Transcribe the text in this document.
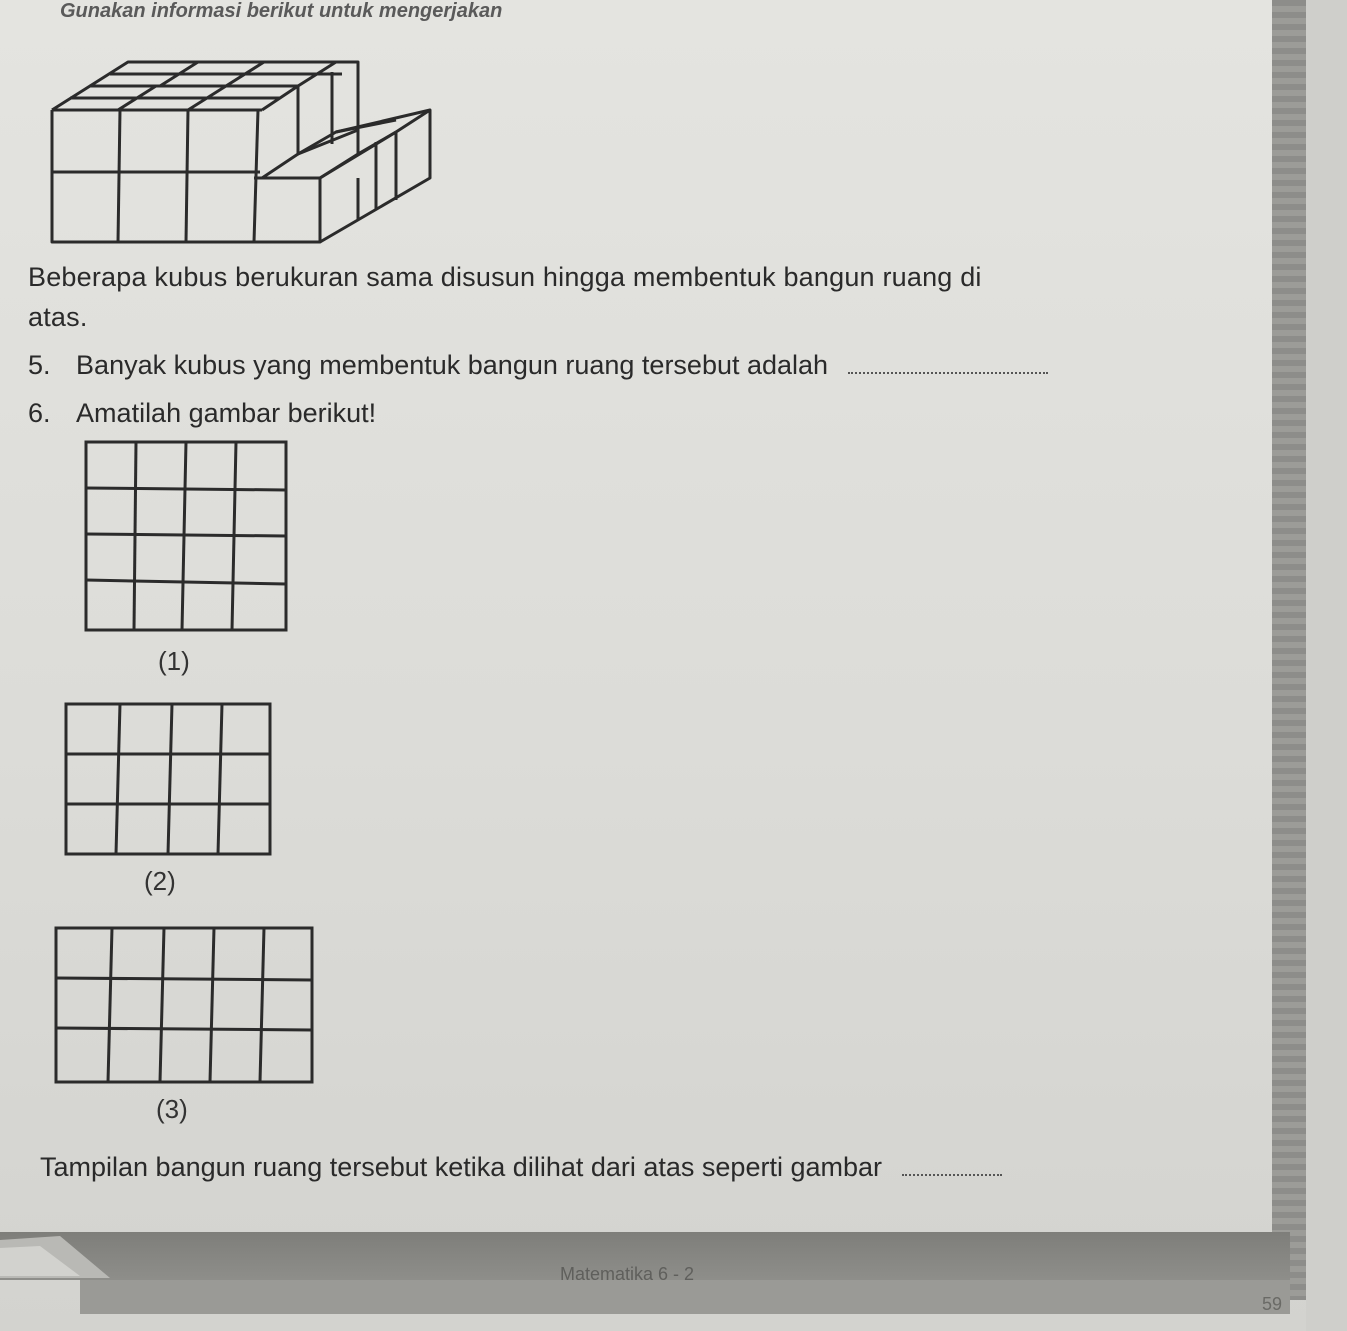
Gunakan informasi berikut untuk mengerjakan
Beberapa kubus berukuran sama disusun hingga membentuk bangun ruang di
atas.
5. Banyak kubus yang membentuk bangun ruang tersebut adalah
6. Amatilah gambar berikut!
(1)
(2)
(3)
Tampilan bangun ruang tersebut ketika dilihat dari atas seperti gambar
Matematika 6 - 2
59
